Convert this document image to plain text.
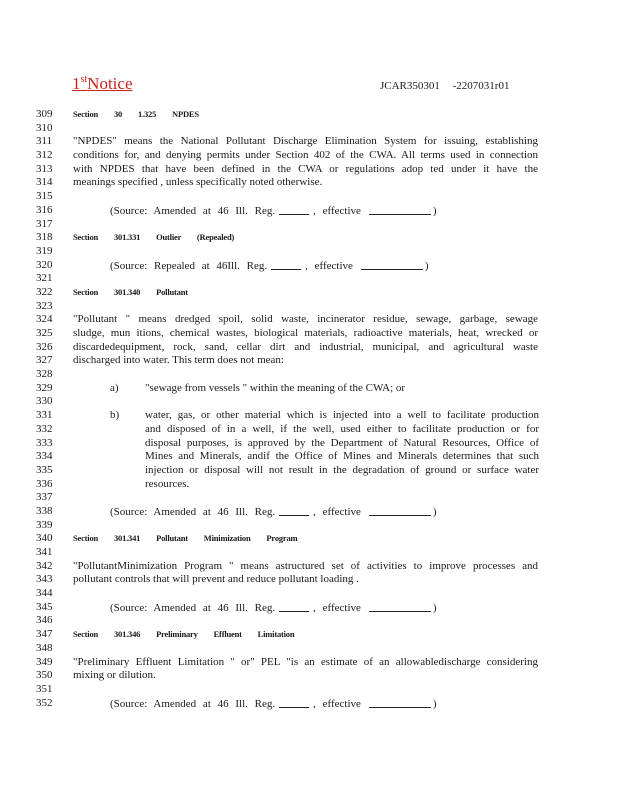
1stNotice	JCAR350301 -2207031r01
309	Section 30 1.325 NPDES
310
311	"NPDES" means the National Pollutant Discharge Elimination System for issuing, establishing
312	conditions for, and denying permits under Section 402 of the CWA. All terms used in connection
313	with NPDES that have been defined in the CWA or regulations adop ted under it have the
314	meanings specified , unless specifically noted otherwise.
315
316	(Source: Amended at 46 Ill. Reg.	, effective	)
317
318	Section 301.331 Outlier (Repealed)
319
320	(Source: Repealed at 46Ill. Reg.	, effective	)
321
322	Section 301.340 Pollutant
323
324	"Pollutant " means dredged spoil, solid waste, incinerator residue, sewage, garbage, sewage
325	sludge, mun itions, chemical wastes, biological materials, radioactive materials, heat, wrecked or
326	discardedequipment, rock, sand, cellar dirt and industrial, municipal, and agricultural waste
327	discharged into water. This term does not mean:
328
329	a) "sewage from vessels " within the meaning of the CWA; or
330
331	b) water, gas, or other material which is injected into a well to facilitate production
332	and disposed of in a well, if the well, used either to facilitate production or for
333	disposal purposes, is approved by the Department of Natural Resources, Office of
334	Mines and Minerals, andif the Office of Mines and Minerals determines that such
335	injection or disposal will not result in the degradation of ground or surface water
336	resources.
337
338	(Source: Amended at 46 Ill. Reg.	, effective	)
339
340	Section 301.341 Pollutant Minimization Program
341
342	"PollutantMinimization Program " means astructured set of activities to improve processes and
343	pollutant controls that will prevent and reduce pollutant loading .
344
345	(Source: Amended at 46 Ill. Reg.	, effective	)
346
347	Section 301.346 Preliminary Effluent Limitation
348
349	"Preliminary Effluent Limitation " or" PEL "is an estimate of an allowabledischarge considering
350	mixing or dilution.
351
352	(Source: Amended at 46 Ill. Reg.	, effective	)
